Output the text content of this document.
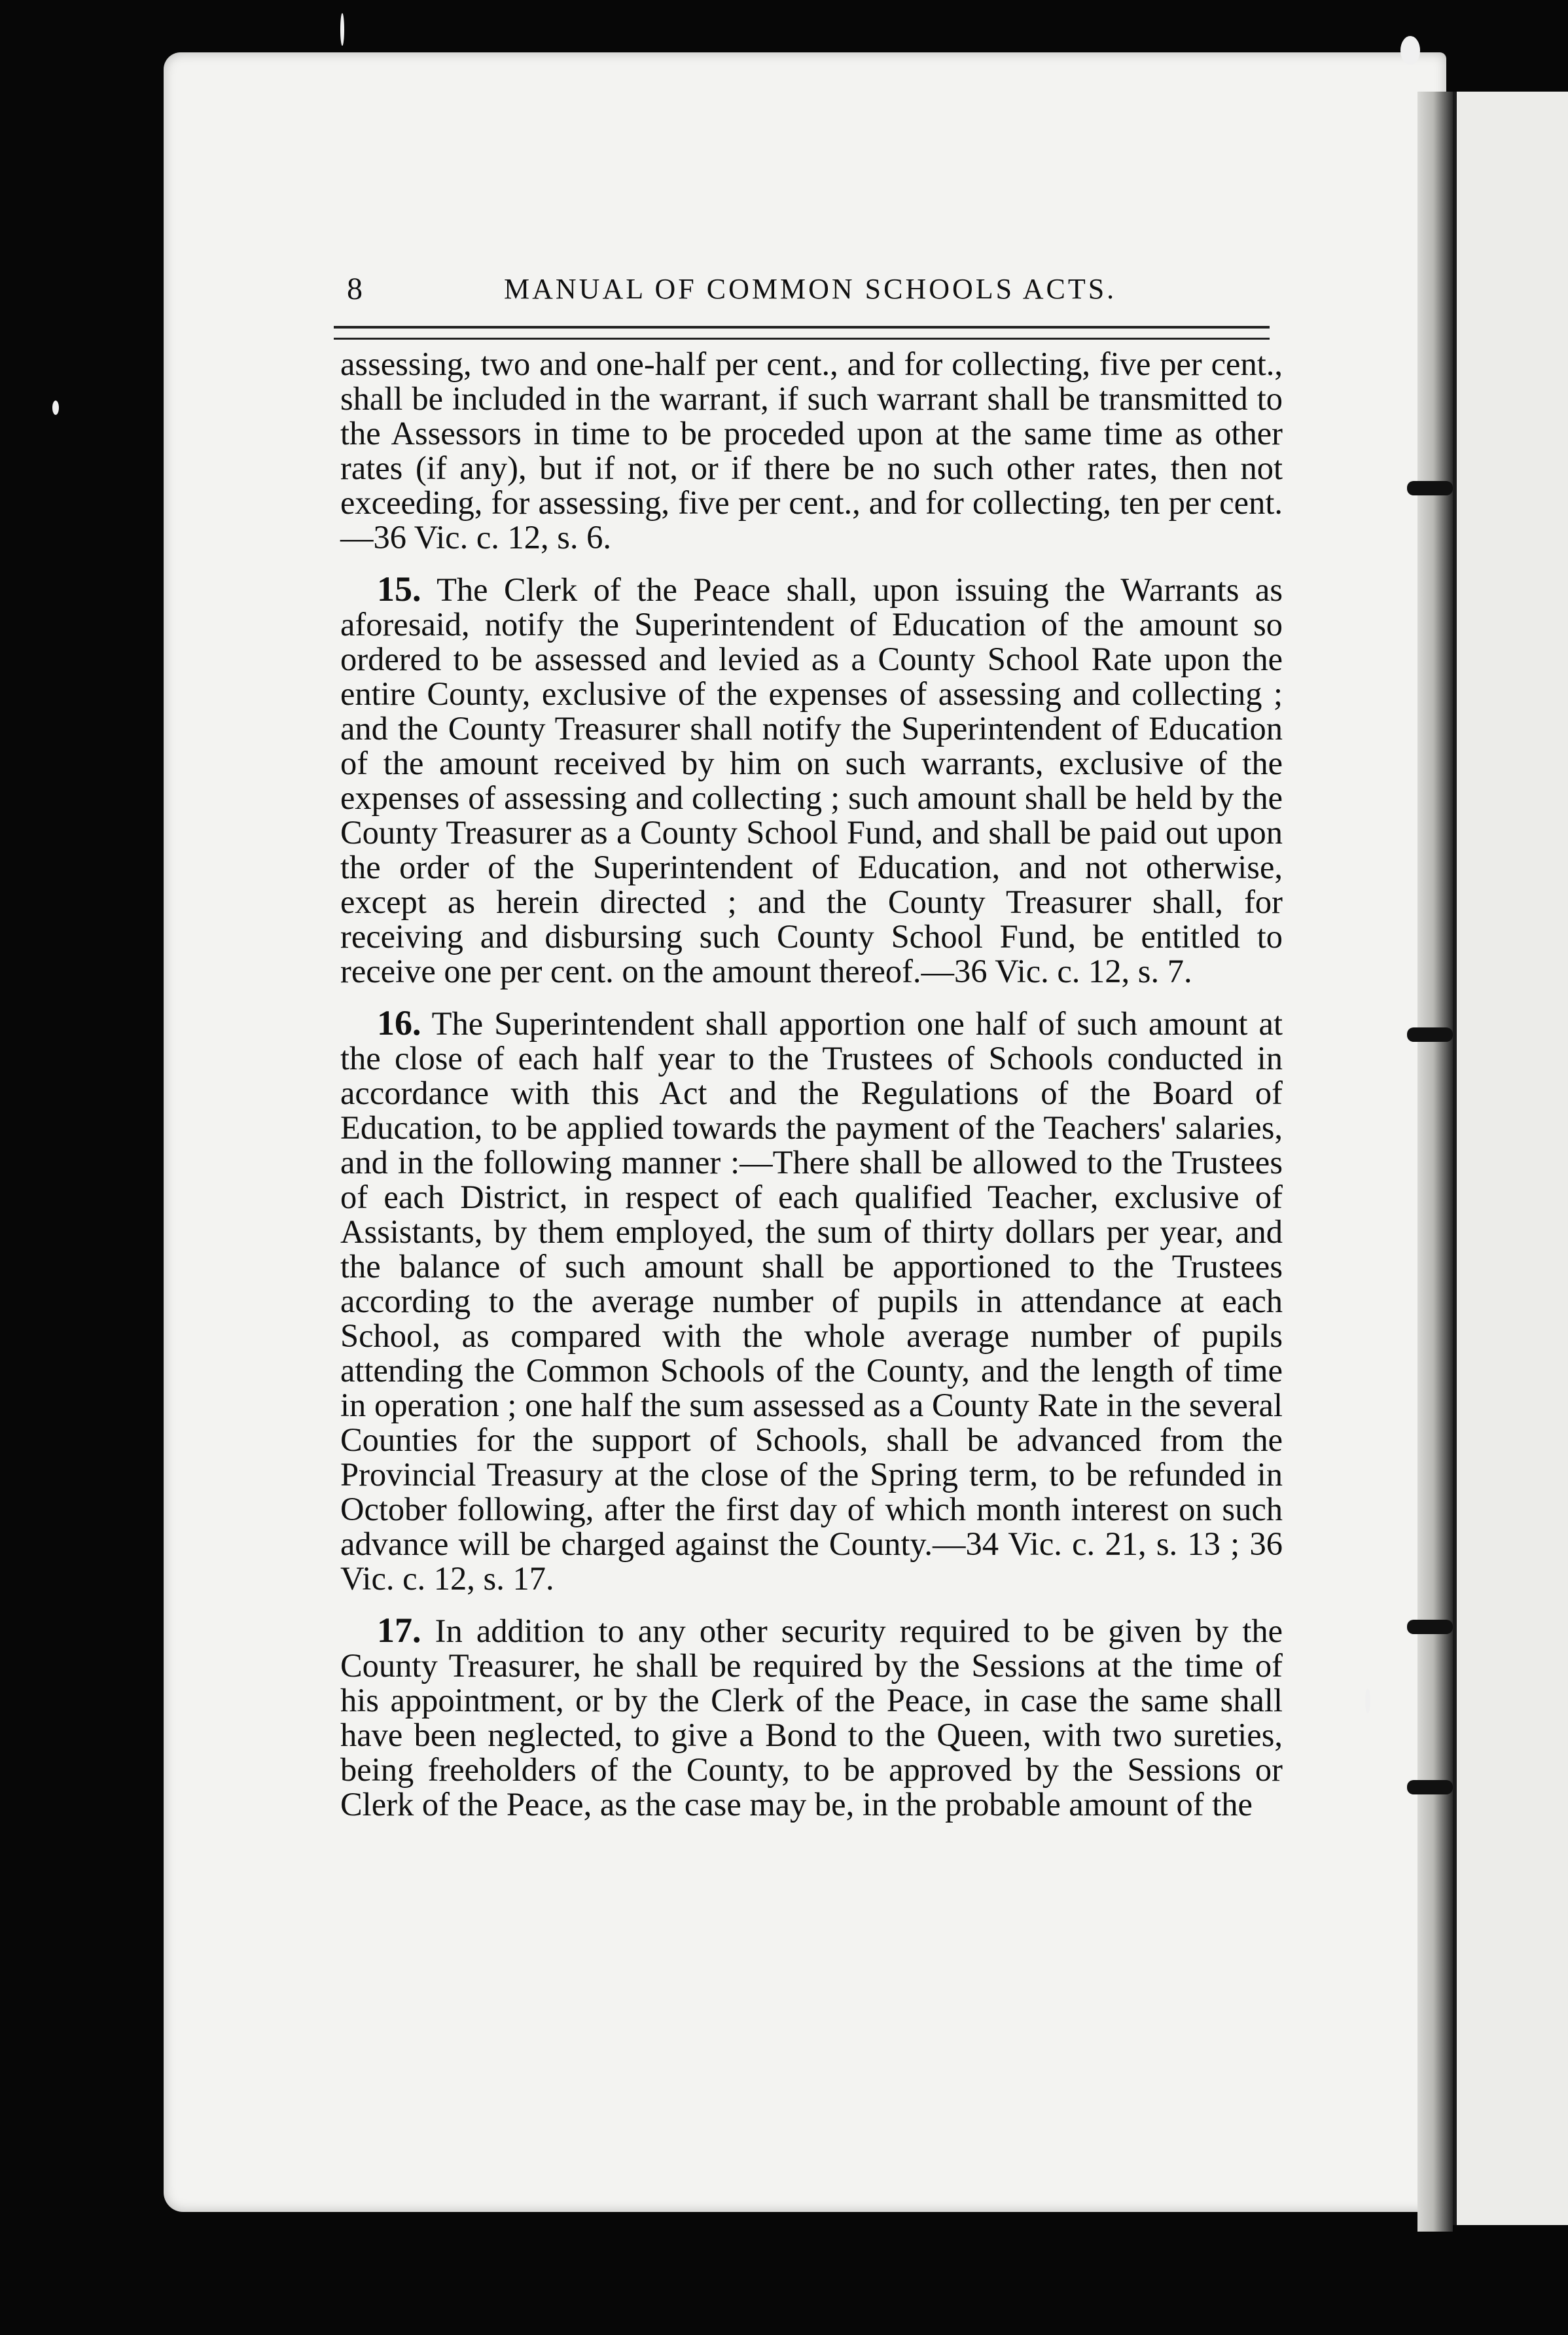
8	MANUAL OF COMMON SCHOOLS ACTS.

assessing, two and one-half per cent., and for collecting, five per cent., shall be included in the warrant, if such warrant shall be transmitted to the Assessors in time to be proceded upon at the same time as other rates (if any), but if not, or if there be no such other rates, then not exceeding, for assessing, five per cent., and for collecting, ten per cent.—36 Vic. c. 12, s. 6.

15. The Clerk of the Peace shall, upon issuing the Warrants as aforesaid, notify the Superintendent of Education of the amount so ordered to be assessed and levied as a County School Rate upon the entire County, exclusive of the expenses of assessing and collecting ; and the County Treasurer shall notify the Superintendent of Education of the amount received by him on such warrants, exclusive of the expenses of assessing and collecting ; such amount shall be held by the County Treasurer as a County School Fund, and shall be paid out upon the order of the Superintendent of Education, and not otherwise, except as herein directed ; and the County Treasurer shall, for receiving and disbursing such County School Fund, be entitled to receive one per cent. on the amount thereof.—36 Vic. c. 12, s. 7.

16. The Superintendent shall apportion one half of such amount at the close of each half year to the Trustees of Schools conducted in accordance with this Act and the Regulations of the Board of Education, to be applied towards the payment of the Teachers' salaries, and in the following manner :—There shall be allowed to the Trustees of each District, in respect of each qualified Teacher, exclusive of Assistants, by them employed, the sum of thirty dollars per year, and the balance of such amount shall be apportioned to the Trustees according to the average number of pupils in attendance at each School, as compared with the whole average number of pupils attending the Common Schools of the County, and the length of time in operation ; one half the sum assessed as a County Rate in the several Counties for the support of Schools, shall be advanced from the Provincial Treasury at the close of the Spring term, to be refunded in October following, after the first day of which month interest on such advance will be charged against the County.—34 Vic. c. 21, s. 13 ; 36 Vic. c. 12, s. 17.

17. In addition to any other security required to be given by the County Treasurer, he shall be required by the Sessions at the time of his appointment, or by the Clerk of the Peace, in case the same shall have been neglected, to give a Bond to the Queen, with two sureties, being freeholders of the County, to be approved by the Sessions or Clerk of the Peace, as the case may be, in the probable amount of the
